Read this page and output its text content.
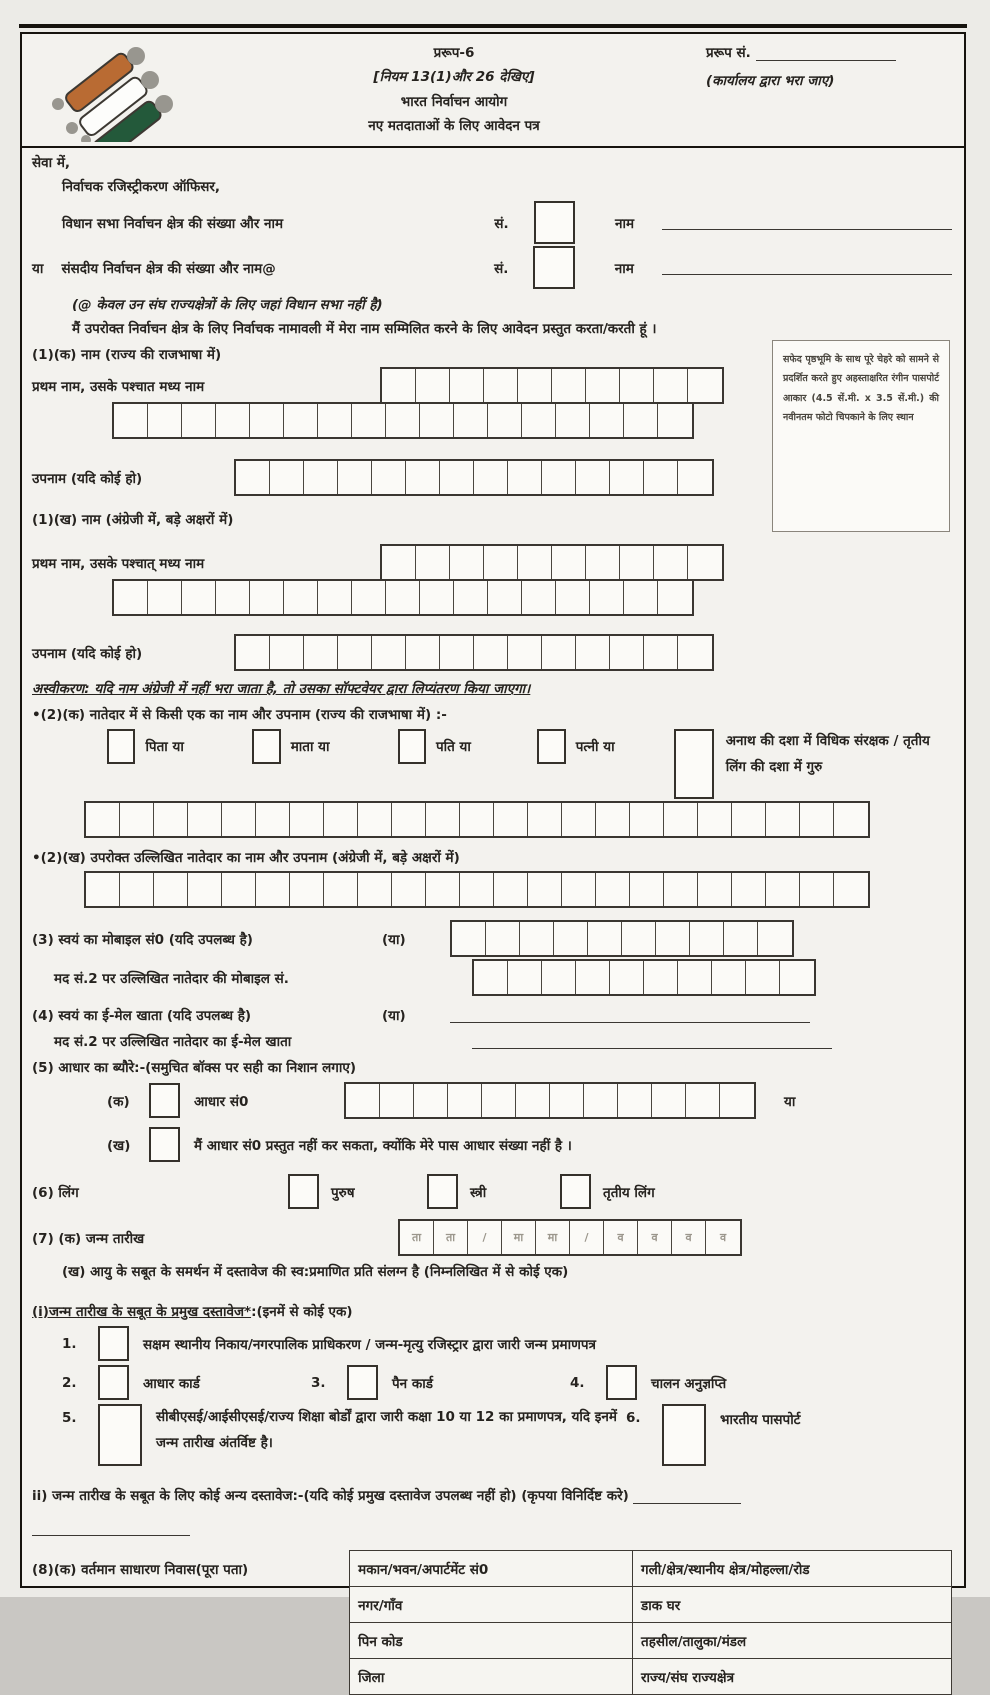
प्ररूप-6
[नियम 13(1)और 26 देखिए]
भारत निर्वाचन आयोग
नए मतदाताओं के लिए आवेदन पत्र
प्ररूप सं.
(कार्यालय द्वारा भरा जाए)
सेवा में,
निर्वाचक रजिस्ट्रीकरण ऑफिसर,
विधान सभा निर्वाचन क्षेत्र की संख्या और नाम	सं.	नाम
या	संसदीय निर्वाचन क्षेत्र की संख्या और नाम@	सं.	नाम
(@ केवल उन संघ राज्यक्षेत्रों के लिए जहां विधान सभा नहीं है)
मैं उपरोक्त निर्वाचन क्षेत्र के लिए निर्वाचक नामावली में मेरा नाम सम्मिलित करने के लिए आवेदन प्रस्तुत करता/करती हूं ।
(1)(क) नाम (राज्य की राजभाषा में)
प्रथम नाम, उसके पश्चात मध्य नाम
उपनाम (यदि कोई हो)
(1)(ख) नाम (अंग्रेजी में, बड़े अक्षरों में)
प्रथम नाम, उसके पश्चात् मध्य नाम
उपनाम (यदि कोई हो)
अस्वीकरण: यदि नाम अंग्रेजी में नहीं भरा जाता है, तो उसका सॉफ्टवेयर द्वारा लिप्यंतरण किया जाएगा।
•(2)(क) नातेदार में से किसी एक का नाम और उपनाम (राज्य की राजभाषा में) :-
पिता या	माता या	पति या	पत्नी या	अनाथ की दशा में विधिक संरक्षक / तृतीय लिंग की दशा में गुरु
•(2)(ख) उपरोक्त उल्लिखित नातेदार का नाम और उपनाम (अंग्रेजी में, बड़े अक्षरों में)
(3) स्वयं का मोबाइल सं0 (यदि उपलब्ध है)	(या)
मद सं.2 पर उल्लिखित नातेदार की मोबाइल सं.
(4) स्वयं का ई-मेल खाता (यदि उपलब्ध है)	(या)
मद सं.2 पर उल्लिखित नातेदार का ई-मेल खाता
(5) आधार का ब्यौरे:-(समुचित बॉक्स पर सही का निशान लगाए)
(क)	आधार सं0	या
(ख)	मैं आधार सं0 प्रस्तुत नहीं कर सकता, क्योंकि मेरे पास आधार संख्या नहीं है ।
(6) लिंग	पुरुष	स्त्री	तृतीय लिंग
(7) (क) जन्म तारीख	ता	ता	/	मा	मा	/	व	व	व	व
(ख) आयु के सबूत के समर्थन में दस्तावेज की स्व:प्रमाणित प्रति संलग्न है (निम्नलिखित में से कोई एक)
(i)जन्म तारीख के सबूत के प्रमुख दस्तावेज*:(इनमें से कोई एक)
1.	सक्षम स्थानीय निकाय/नगरपालिक प्राधिकरण / जन्म-मृत्यु रजिस्ट्रार द्वारा जारी जन्म प्रमाणपत्र
2.	आधार कार्ड	3.	पैन कार्ड	4.	चालन अनुज्ञप्ति
5.	सीबीएसई/आईसीएसई/राज्य शिक्षा बोर्डों द्वारा जारी कक्षा 10 या 12 का प्रमाणपत्र, यदि इनमें जन्म तारीख अंतर्विष्ट है।
6.	भारतीय पासपोर्ट
ii) जन्म तारीख के सबूत के लिए कोई अन्य दस्तावेज:-(यदि कोई प्रमुख दस्तावेज उपलब्ध नहीं हो) (कृपया विनिर्दिष्ट करे)
(8)(क) वर्तमान साधारण निवास(पूरा पता)	मकान/भवन/अपार्टमेंट सं0	गली/क्षेत्र/स्थानीय क्षेत्र/मोहल्ला/रोड
नगर/गाँव	डाक घर
पिन कोड	तहसील/तालुका/मंडल
जिला	राज्य/संघ राज्यक्षेत्र
सफेद पृष्ठभूमि के साथ पूरे चेहरे को सामने से प्रदर्शित करते हुए अहस्ताक्षरित रंगीन पासपोर्ट आकार (4.5 सें.मी. x 3.5 सें.मी.) की नवीनतम फोटो चिपकाने के लिए स्थान
